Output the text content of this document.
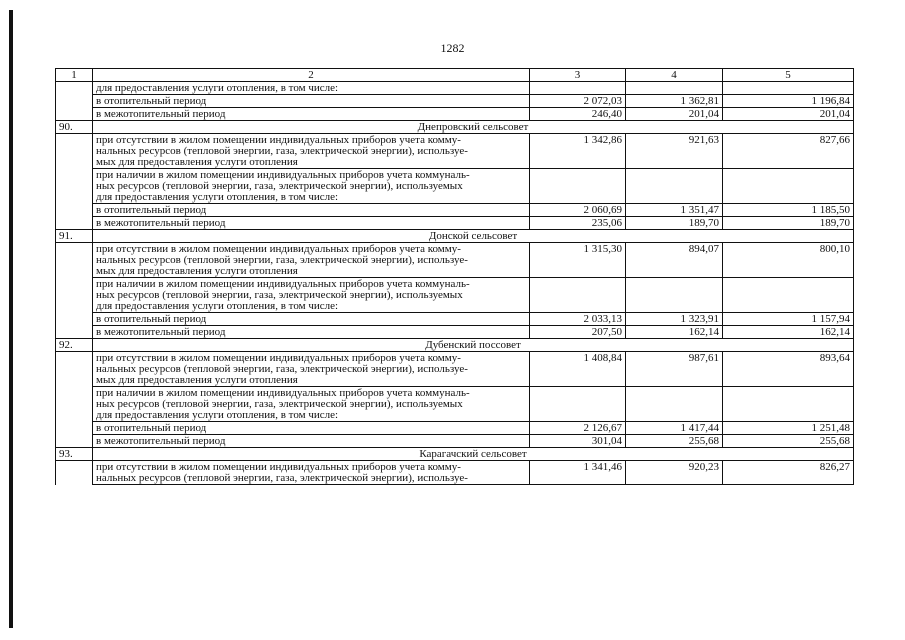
1282
1	2	3	4	5
	для предоставления услуги отопления, в том числе:			
	в отопительный период	2 072,03	1 362,81	1 196,84
	в межотопительный период	246,40	201,04	201,04
90.	Днепровский сельсовет			
	при отсутствии в жилом помещении индивидуальных приборов учета комму-
нальных ресурсов (тепловой энергии, газа, электрической энергии), используе-
мых для предоставления услуги отопления	1 342,86	921,63	827,66
	при наличии в жилом помещении индивидуальных приборов учета коммуналь-
ных ресурсов (тепловой энергии, газа, электрической энергии), используемых
для предоставления услуги отопления, в том числе:			
	в отопительный период	2 060,69	1 351,47	1 185,50
	в межотопительный период	235,06	189,70	189,70
91.	Донской сельсовет			
	при отсутствии в жилом помещении индивидуальных приборов учета комму-
нальных ресурсов (тепловой энергии, газа, электрической энергии), используе-
мых для предоставления услуги отопления	1 315,30	894,07	800,10
	при наличии в жилом помещении индивидуальных приборов учета коммуналь-
ных ресурсов (тепловой энергии, газа, электрической энергии), используемых
для предоставления услуги отопления, в том числе:			
	в отопительный период	2 033,13	1 323,91	1 157,94
	в межотопительный период	207,50	162,14	162,14
92.	Дубенский поссовет			
	при отсутствии в жилом помещении индивидуальных приборов учета комму-
нальных ресурсов (тепловой энергии, газа, электрической энергии), используе-
мых для предоставления услуги отопления	1 408,84	987,61	893,64
	при наличии в жилом помещении индивидуальных приборов учета коммуналь-
ных ресурсов (тепловой энергии, газа, электрической энергии), используемых
для предоставления услуги отопления, в том числе:			
	в отопительный период	2 126,67	1 417,44	1 251,48
	в межотопительный период	301,04	255,68	255,68
93.	Карагачский сельсовет			
	при отсутствии в жилом помещении индивидуальных приборов учета комму-
нальных ресурсов (тепловой энергии, газа, электрической энергии), используе-	1 341,46	920,23	826,27
